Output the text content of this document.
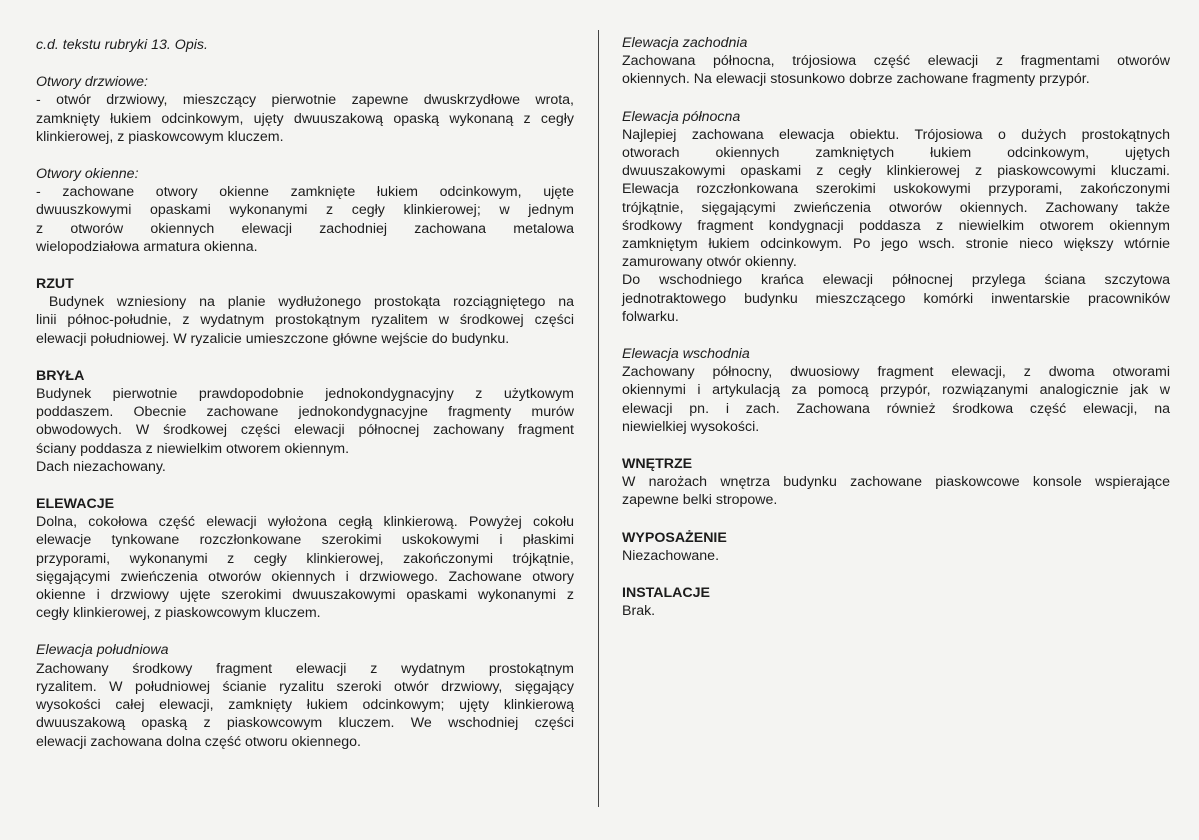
c.d. tekstu rubryki 13. Opis.

Otwory drzwiowe:

- otwór drzwiowy, mieszczący pierwotnie zapewne dwuskrzydłowe wrota,

zamknięty łukiem odcinkowym, ujęty dwuuszakową opaską wykonaną z cegły

klinkierowej, z piaskowcowym kluczem.

Otwory okienne:

- zachowane otwory okienne zamknięte łukiem odcinkowym, ujęte

dwuuszkowymi opaskami wykonanymi z cegły klinkierowej; w jednym

z otworów okiennych elewacji zachodniej zachowana metalowa

wielopodziałowa armatura okienna.

RZUT

Budynek wzniesiony na planie wydłużonego prostokąta rozciągniętego na

linii północ-południe, z wydatnym prostokątnym ryzalitem w środkowej części

elewacji południowej. W ryzalicie umieszczone główne wejście do budynku.

BRYŁA

Budynek pierwotnie prawdopodobnie jednokondygnacyjny z użytkowym

poddaszem. Obecnie zachowane jednokondygnacyjne fragmenty murów

obwodowych. W środkowej części elewacji północnej zachowany fragment

ściany poddasza z niewielkim otworem okiennym.

Dach niezachowany.

ELEWACJE

Dolna, cokołowa część elewacji wyłożona cegłą klinkierową. Powyżej cokołu

elewacje tynkowane rozczłonkowane szerokimi uskokowymi i płaskimi

przyporami, wykonanymi z cegły klinkierowej, zakończonymi trójkątnie,

sięgającymi zwieńczenia otworów okiennych i drzwiowego. Zachowane otwory

okienne i drzwiowy ujęte szerokimi dwuuszakowymi opaskami wykonanymi z

cegły klinkierowej, z piaskowcowym kluczem.

Elewacja południowa

Zachowany środkowy fragment elewacji z wydatnym prostokątnym

ryzalitem. W południowej ścianie ryzalitu szeroki otwór drzwiowy, sięgający

wysokości całej elewacji, zamknięty łukiem odcinkowym; ujęty klinkierową

dwuuszakową opaską z piaskowcowym kluczem. We wschodniej części

elewacji zachowana dolna część otworu okiennego.

Elewacja zachodnia

Zachowana północna, trójosiowa część elewacji z fragmentami otworów

okiennych. Na elewacji stosunkowo dobrze zachowane fragmenty przypór.

Elewacja północna

Najlepiej zachowana elewacja obiektu. Trójosiowa o dużych prostokątnych

otworach okiennych zamkniętych łukiem odcinkowym, ujętych

dwuuszakowymi opaskami z cegły klinkierowej z piaskowcowymi kluczami.

Elewacja rozczłonkowana szerokimi uskokowymi przyporami, zakończonymi

trójkątnie, sięgającymi zwieńczenia otworów okiennych. Zachowany także

środkowy fragment kondygnacji poddasza z niewielkim otworem okiennym

zamkniętym łukiem odcinkowym. Po jego wsch. stronie nieco większy wtórnie

zamurowany otwór okienny.

Do wschodniego krańca elewacji północnej przylega ściana szczytowa

jednotraktowego budynku mieszczącego komórki inwentarskie pracowników

folwarku.

Elewacja wschodnia

Zachowany północny, dwuosiowy fragment elewacji, z dwoma otworami

okiennymi i artykulacją za pomocą przypór, rozwiązanymi analogicznie jak w

elewacji pn. i zach. Zachowana również środkowa część elewacji, na

niewielkiej wysokości.

WNĘTRZE

W narożach wnętrza budynku zachowane piaskowcowe konsole wspierające

zapewne belki stropowe.

WYPOSAŻENIE

Niezachowane.

INSTALACJE

Brak.
